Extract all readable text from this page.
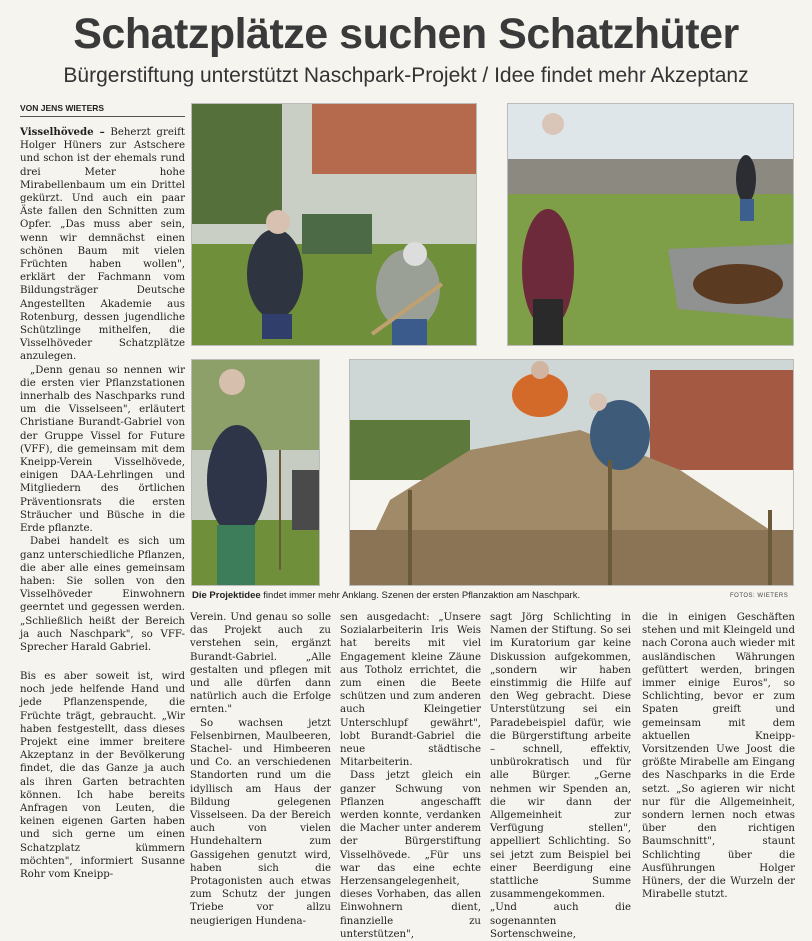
Schatzplätze suchen Schatzhüter
Bürgerstiftung unterstützt Naschpark-Projekt / Idee findet mehr Akzeptanz
VON JENS WIETERS

Visselhövede – Beherzt greift Holger Hüners zur Astschere und schon ist der ehemals rund drei Meter hohe Mirabellenbaum um ein Drittel gekürzt. Und auch ein paar Äste fallen den Schnitten zum Opfer. „Das muss aber sein, wenn wir demnächst einen schönen Baum mit vielen Früchten haben wollen", erklärt der Fachmann vom Bildungsträger Deutsche Angestellten Akademie aus Rotenburg, dessen jugendliche Schützlinge mithelfen, die Visselhöveder Schatzplätze anzulegen.

„Denn genau so nennen wir die ersten vier Pflanzstationen innerhalb des Naschparks rund um die Visselseen", erläutert Christiane Burandt-Gabriel von der Gruppe Vissel for Future (VFF), die gemeinsam mit dem Kneipp-Verein Visselhövede, einigen DAA-Lehrlingen und Mitgliedern des örtlichen Präventionsrats die ersten Sträucher und Büsche in die Erde pflanzte.

Dabei handelt es sich um ganz unterschiedliche Pflanzen, die aber alle eines gemeinsam haben: Sie sollen von den Visselhöveder Einwohnern geerntet und gegessen werden. „Schließlich heißt der Bereich ja auch Naschpark", so VFF-Sprecher Harald Gabriel.

Die Projektidee findet immer mehr Anklang. Szenen der ersten Pflanzaktion am Naschpark.	FOTOS: WIETERS

Bis es aber soweit ist, wird noch jede helfende Hand und jede Pflanzenspende, die Früchte trägt, gebraucht. „Wir haben festgestellt, dass dieses Projekt eine immer breitere Akzeptanz in der Bevölkerung findet, die das Ganze ja auch als ihren Garten betrachten können. Ich habe bereits Anfragen von Leuten, die keinen eigenen Garten haben und sich gerne um einen Schatzplatz kümmern möchten", informiert Susanne Rohr vom Kneipp-

Verein. Und genau so solle das Projekt auch zu verstehen sein, ergänzt Burandt-Gabriel. „Alle gestalten und pflegen mit und alle dürfen dann natürlich auch die Erfolge ernten."

So wachsen jetzt Felsenbirnen, Maulbeeren, Stachel- und Himbeeren und Co. an verschiedenen Standorten rund um die idyllisch am Haus der Bildung gelegenen Visselseen. Da der Bereich auch von vielen Hundehaltern zum Gassigehen genutzt wird, haben sich die Protagonisten auch etwas zum Schutz der jungen Triebe vor allzu neugierigen Hundena-

sen ausgedacht: „Unsere Sozialarbeiterin Iris Weis hat bereits mit viel Engagement kleine Zäune aus Totholz errichtet, die zum einen die Beete schützen und zum anderen auch Kleingetier Unterschlupf gewährt", lobt Burandt-Gabriel die neue städtische Mitarbeiterin.

Dass jetzt gleich ein ganzer Schwung von Pflanzen angeschafft werden konnte, verdanken die Macher unter anderem der Bürgerstiftung Visselhövede. „Für uns war das eine echte Herzensangelegenheit, dieses Vorhaben, das allen Einwohnern dient, finanzielle zu unterstützen",

sagt Jörg Schlichting in Namen der Stiftung. So sei im Kuratorium gar keine Diskussion aufgekommen, „sondern wir haben einstimmig die Hilfe auf den Weg gebracht. Diese Unterstützung sei ein Paradebeispiel dafür, wie die Bürgerstiftung arbeite – schnell, effektiv, unbürokratisch und für alle Bürger. „Gerne nehmen wir Spenden an, die wir dann der Allgemeinheit zur Verfügung stellen", appelliert Schlichting. So sei jetzt zum Beispiel bei einer Beerdigung eine stattliche Summe zusammengekommen. „Und auch die sogenannten Sortenschweine,

die in einigen Geschäften stehen und mit Kleingeld und nach Corona auch wieder mit ausländischen Währungen gefüttert werden, bringen immer einige Euros", so Schlichting, bevor er zum Spaten greift und gemeinsam mit dem aktuellen Kneipp-Vorsitzenden Uwe Joost die größte Mirabelle am Eingang des Naschparks in die Erde setzt. „So agieren wir nicht nur für die Allgemeinheit, sondern lernen noch etwas über den richtigen Baumschnitt", staunt Schlichting über die Ausführungen Holger Hüners, der die Wurzeln der Mirabelle stutzt.
